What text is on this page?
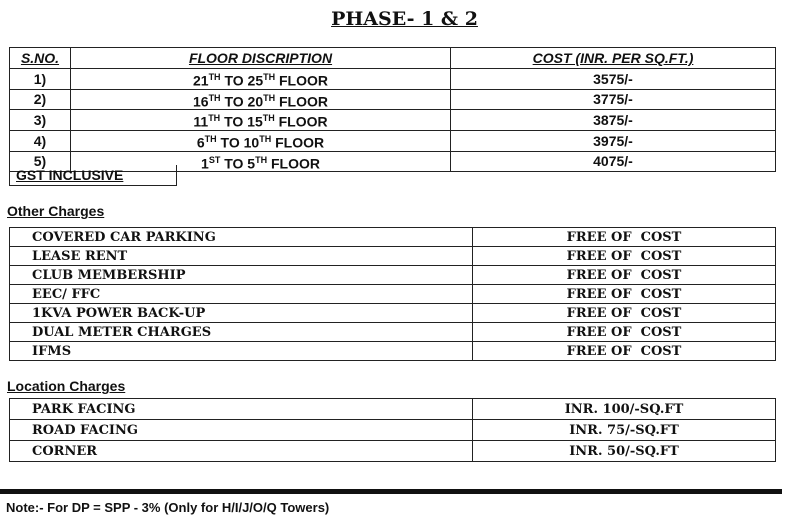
PHASE- 1 & 2
S.NO.	FLOOR DISCRIPTION	COST (INR. PER SQ.FT.)
1)	21TH TO 25TH FLOOR	3575/-
2)	16TH TO 20TH FLOOR	3775/-
3)	11TH TO 15TH FLOOR	3875/-
4)	6TH TO 10TH FLOOR	3975/-
5)	1ST TO 5TH FLOOR	4075/-
GST INCLUSIVE
Other Charges
COVERED CAR PARKING	FREE OF  COST
LEASE RENT	FREE OF  COST
CLUB MEMBERSHIP	FREE OF  COST
EEC/ FFC	FREE OF  COST
1KVA POWER BACK-UP	FREE OF  COST
DUAL METER CHARGES	FREE OF  COST
IFMS	FREE OF  COST
Location Charges
PARK FACING	INR. 100/-SQ.FT
ROAD FACING	INR. 75/-SQ.FT
CORNER	INR. 50/-SQ.FT
Note:- For DP = SPP - 3% (Only for H/I/J/O/Q Towers)
